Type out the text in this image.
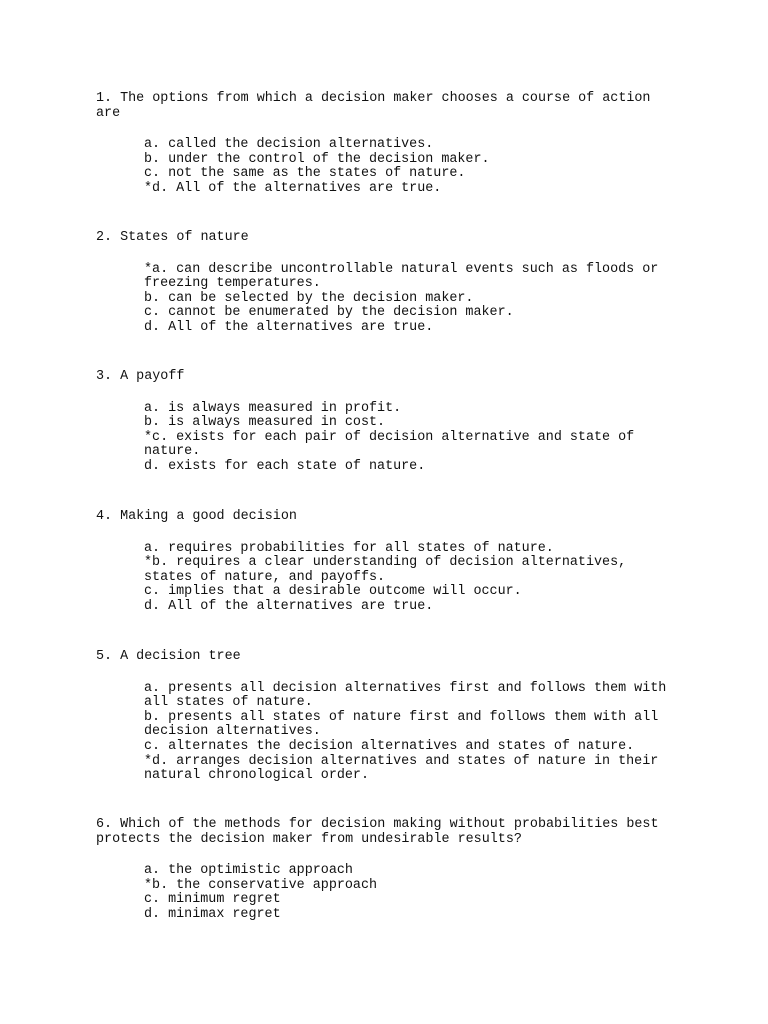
1. The options from which a decision maker chooses a course of action are

a. called the decision alternatives.
b. under the control of the decision maker.
c. not the same as the states of nature.
*d. All of the alternatives are true.

2. States of nature

*a. can describe uncontrollable natural events such as floods or freezing temperatures.
b. can be selected by the decision maker.
c. cannot be enumerated by the decision maker.
d. All of the alternatives are true.

3. A payoff

a. is always measured in profit.
b. is always measured in cost.
*c. exists for each pair of decision alternative and state of nature.
d. exists for each state of nature.

4. Making a good decision

a. requires probabilities for all states of nature.
*b. requires a clear understanding of decision alternatives, states of nature, and payoffs.
c. implies that a desirable outcome will occur.
d. All of the alternatives are true.

5. A decision tree

a. presents all decision alternatives first and follows them with all states of nature.
b. presents all states of nature first and follows them with all decision alternatives.
c. alternates the decision alternatives and states of nature.
*d. arranges decision alternatives and states of nature in their natural chronological order.

6. Which of the methods for decision making without probabilities best protects the decision maker from undesirable results?

a. the optimistic approach
*b. the conservative approach
c. minimum regret
d. minimax regret
